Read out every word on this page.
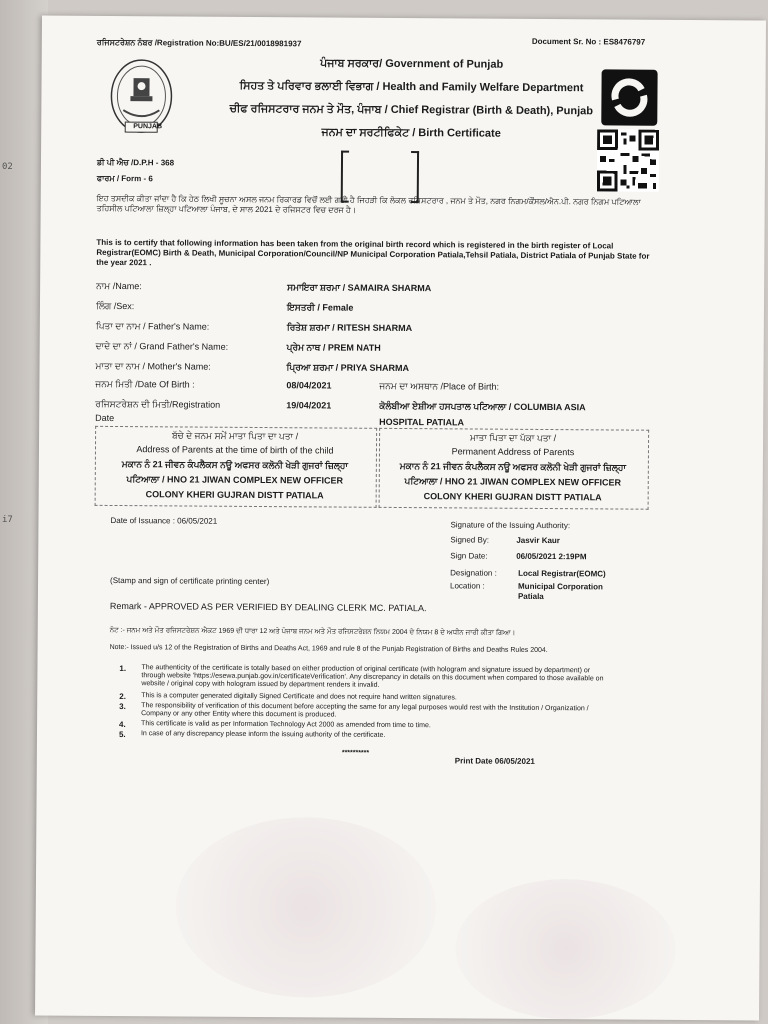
02
i7
ਰਜਿਸਟਰੇਸ਼ਨ ਨੰਬਰ /Registration No:BU/ES/21/0018981937	Document Sr. No : ES8476797
PUNJAB
ਪੰਜਾਬ ਸਰਕਾਰ/ Government of Punjab
ਸਿਹਤ ਤੇ ਪਰਿਵਾਰ ਭਲਾਈ ਵਿਭਾਗ / Health and Family Welfare Department
ਚੀਫ ਰਜਿਸਟਰਾਰ ਜਨਮ ਤੇ ਮੌਤ, ਪੰਜਾਬ / Chief Registrar (Birth & Death), Punjab
ਜਨਮ ਦਾ ਸਰਟੀਫਿਕੇਟ / Birth Certificate
ਡੀ ਪੀ ਐਚ /D.P.H - 368
ਫਾਰਮ / Form - 6
ਇਹ ਤਸਦੀਕ ਕੀਤਾ ਜਾਂਦਾ ਹੈ ਕਿ ਹੇਠ ਲਿਖੀ ਸੂਚਨਾ ਅਸਲ ਜਨਮ ਰਿਕਾਰਡ ਵਿਚੋਂ ਲਈ ਗਈ ਹੈ ਜਿਹੜੀ ਕਿ ਲੋਕਲ ਰਜਿਸਟਰਾਰ , ਜਨਮ ਤੇ ਮੌਤ, ਨਗਰ ਨਿਗਮ/ਕੌਂਸਲ/ਐਨ.ਪੀ. ਨਗਰ ਨਿਗਮ ਪਟਿਆਲਾ ਤਹਿਸੀਲ ਪਟਿਆਲਾ ਜ਼ਿਲ੍ਹਾ ਪਟਿਆਲਾ ਪੰਜਾਬ, ਦੇ ਸਾਲ 2021 ਦੇ ਰਜਿਸਟਰ ਵਿਚ ਦਰਜ ਹੈ।
This is to certify that following information has been taken from the original birth record which is registered in the birth register of Local Registrar(EOMC) Birth & Death, Municipal Corporation/Council/NP Municipal Corporation Patiala,Tehsil Patiala, District Patiala of Punjab State for the year 2021 .
ਨਾਮ /Name:	ਸਮਾਇਰਾ ਸ਼ਰਮਾ / SAMAIRA SHARMA
ਲਿੰਗ /Sex:	ਇਸਤਰੀ / Female
ਪਿਤਾ ਦਾ ਨਾਮ / Father's Name:	ਰਿਤੇਸ਼ ਸ਼ਰਮਾ / RITESH SHARMA
ਦਾਦੇ ਦਾ ਨਾਂ / Grand Father's Name:	ਪ੍ਰੇਮ ਨਾਥ / PREM NATH
ਮਾਤਾ ਦਾ ਨਾਮ / Mother's Name:	ਪ੍ਰਿਆ ਸ਼ਰਮਾ / PRIYA SHARMA
ਜਨਮ ਮਿਤੀ /Date Of Birth :	08/04/2021	ਜਨਮ ਦਾ ਅਸਥਾਨ /Place of Birth:
ਰਜਿਸਟਰੇਸ਼ਨ ਦੀ ਮਿਤੀ/Registration
Date
19/04/2021	ਕੋਲੰਬੀਆ ਏਸ਼ੀਆ ਹਸਪਤਾਲ ਪਟਿਆਲਾ / COLUMBIA ASIA
HOSPITAL PATIALA
ਬੱਚੇ ਦੇ ਜਨਮ ਸਮੇਂ ਮਾਤਾ ਪਿਤਾ ਦਾ ਪਤਾ /
Address of Parents at the time of birth of the child
ਮਕਾਨ ਨੰ 21 ਜੀਵਨ ਕੰਪਲੈਕਸ ਨਊ ਅਫਸਰ ਕਲੋਨੀ ਖੇੜੀ ਗੁਜਰਾਂ ਜ਼ਿਲ੍ਹਾ
ਪਟਿਆਲਾ / HNO 21 JIWAN COMPLEX NEW OFFICER
COLONY KHERI GUJRAN DISTT PATIALA
ਮਾਤਾ ਪਿਤਾ ਦਾ ਪੱਕਾ ਪਤਾ /
Permanent Address of Parents
ਮਕਾਨ ਨੰ 21 ਜੀਵਨ ਕੰਪਲੈਕਸ ਨਊ ਅਫਸਰ ਕਲੋਨੀ ਖੇੜੀ ਗੁਜਰਾਂ ਜ਼ਿਲ੍ਹਾ
ਪਟਿਆਲਾ / HNO 21 JIWAN COMPLEX NEW OFFICER
COLONY KHERI GUJRAN DISTT PATIALA
Date of Issuance : 06/05/2021	Signature of the Issuing Authority:
Signed By:	Jasvir Kaur
Sign Date:	06/05/2021 2:19PM
Designation :	Local Registrar(EOMC)
Location :	Municipal Corporation
Patiala
(Stamp and sign of certificate printing center)
Remark - APPROVED AS PER VERIFIED BY DEALING CLERK MC. PATIALA.
ਨੋਟ :- ਜਨਮ ਅਤੇ ਮੌਤ ਰਜਿਸਟਰੇਸ਼ਨ ਐਕਟ 1969 ਦੀ ਧਾਰਾ 12 ਅਤੇ ਪੰਜਾਬ ਜਨਮ ਅਤੇ ਮੌਤ ਰਜਿਸਟਰੇਸ਼ਨ ਨਿਯਮ 2004 ਦੇ ਨਿਯਮ 8 ਦੇ ਅਧੀਨ ਜਾਰੀ ਕੀਤਾ ਗਿਆ।
Note:- Issued u/s 12 of the Registration of Births and Deaths Act, 1969 and rule 8 of the Punjab Registration of Births and Deaths Rules 2004.
1. The authenticity of the certificate is totally based on either production of original certificate (with hologram and signature issued by department) or through website 'https://esewa.punjab.gov.in/certificateVerification'. Any discrepancy in details on this document when compared to those available on website / original copy with hologram issued by department renders it invalid.
2. This is a computer generated digitally Signed Certificate and does not require hand written signatures.
3. The responsibility of verification of this document before accepting the same for any legal purposes would rest with the Institution / Organization / Company or any other Entity where this document is produced.
4. This certificate is valid as per Information Technology Act 2000 as amended from time to time.
5. In case of any discrepancy please inform the issuing authority of the certificate.
**********
Print Date 06/05/2021
